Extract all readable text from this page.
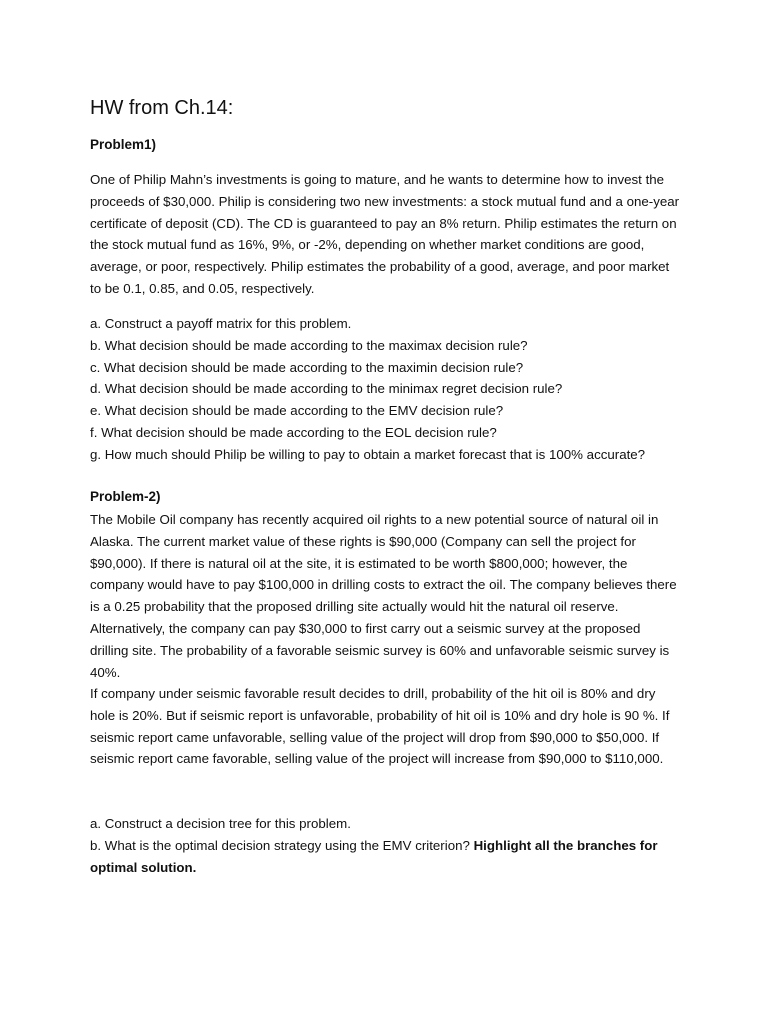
HW from Ch.14:
Problem1)

One of Philip Mahn’s investments is going to mature, and he wants to determine how to invest the proceeds of $30,000. Philip is considering two new investments: a stock mutual fund and a one-year certificate of deposit (CD). The CD is guaranteed to pay an 8% return. Philip estimates the return on the stock mutual fund as 16%, 9%, or -2%, depending on whether market conditions are good, average, or poor, respectively. Philip estimates the probability of a good, average, and poor market to be 0.1, 0.85, and 0.05, respectively.

a. Construct a payoff matrix for this problem.
b. What decision should be made according to the maximax decision rule?
c. What decision should be made according to the maximin decision rule?
d. What decision should be made according to the minimax regret decision rule?
e. What decision should be made according to the EMV decision rule?
f. What decision should be made according to the EOL decision rule?
g. How much should Philip be willing to pay to obtain a market forecast that is 100% accurate?
Problem-2)

The Mobile Oil company has recently acquired oil rights to a new potential source of natural oil in Alaska. The current market value of these rights is $90,000 (Company can sell the project for $90,000). If there is natural oil at the site, it is estimated to be worth $800,000; however, the company would have to pay $100,000 in drilling costs to extract the oil. The company believes there is a 0.25 probability that the proposed drilling site actually would hit the natural oil reserve. Alternatively, the company can pay $30,000 to first carry out a seismic survey at the proposed drilling site. The probability of a favorable seismic survey is 60% and unfavorable seismic survey is 40%.

If company under seismic favorable result decides to drill, probability of the hit oil is 80% and dry hole is 20%. But if seismic report is unfavorable, probability of hit oil is 10% and dry hole is 90 %. If seismic report came unfavorable, selling value of the project will drop from $90,000 to $50,000. If seismic report came favorable, selling value of the project will increase from $90,000 to $110,000.

a. Construct a decision tree for this problem.

b. What is the optimal decision strategy using the EMV criterion? Highlight all the branches for optimal solution.
